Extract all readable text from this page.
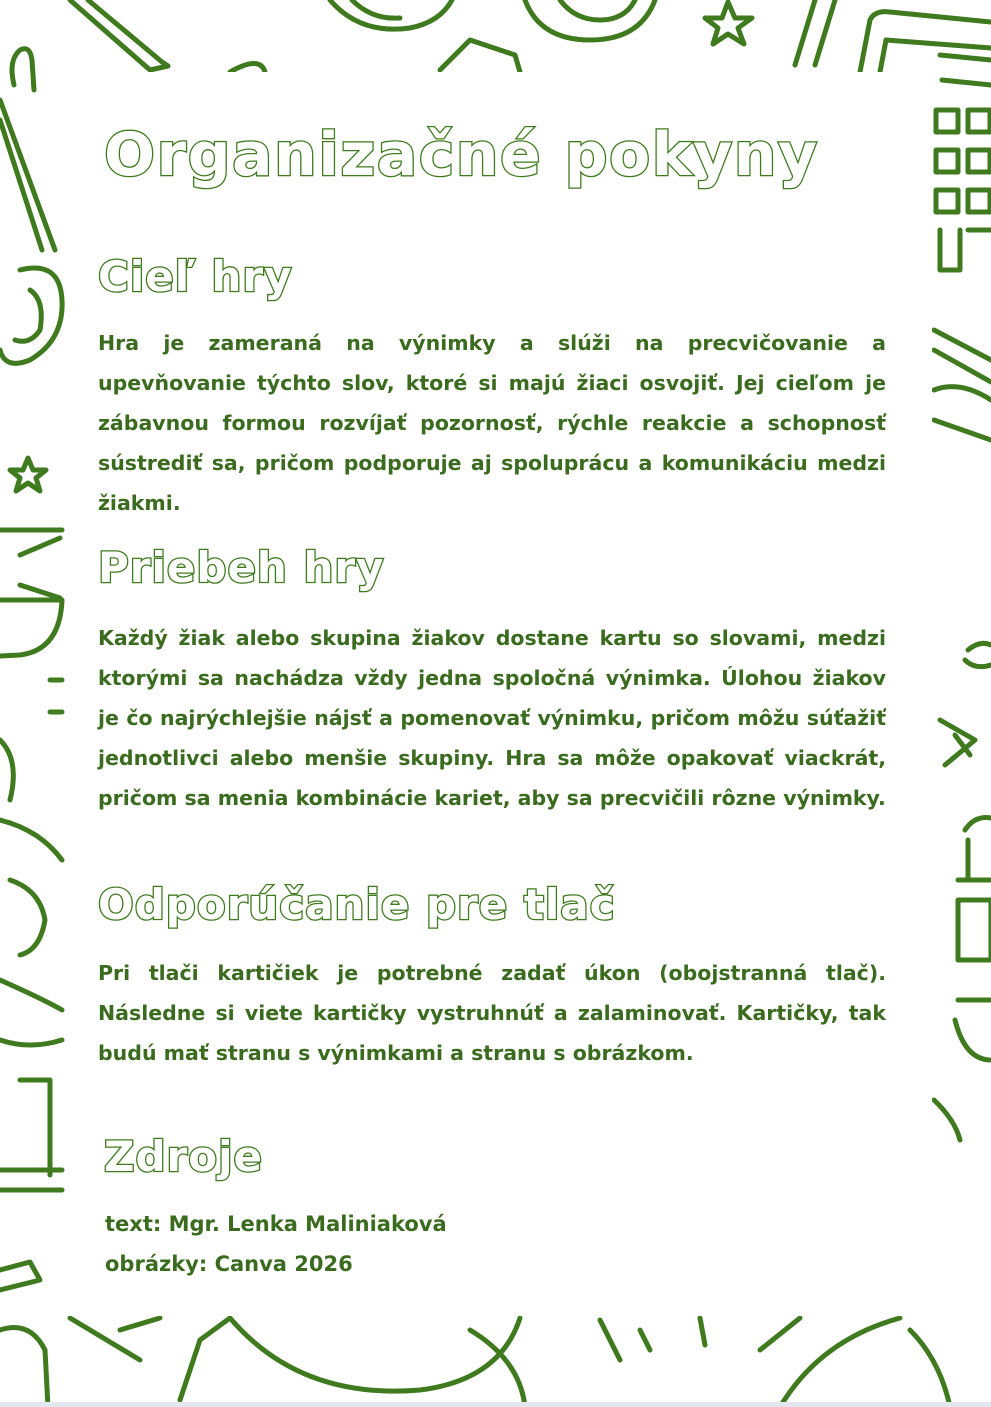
Organizačné pokyny
Cieľ hry

Hra je zameraná na výnimky a slúži na precvičovanie a upevňovanie týchto slov, ktoré si majú žiaci osvojiť. Jej cieľom je zábavnou formou rozvíjať pozornosť, rýchle reakcie a schopnosť sústrediť sa, pričom podporuje aj spoluprácu a komunikáciu medzi žiakmi.

Priebeh hry

Každý žiak alebo skupina žiakov dostane kartu so slovami, medzi ktorými sa nachádza vždy jedna spoločná výnimka. Úlohou žiakov je čo najrýchlejšie nájsť a pomenovať výnimku, pričom môžu súťažiť jednotlivci alebo menšie skupiny. Hra sa môže opakovať viackrát, pričom sa menia kombinácie kariet, aby sa precvičili rôzne výnimky.

Odporúčanie pre tlač

Pri tlači kartičiek je potrebné zadať úkon (obojstranná tlač). Následne si viete kartičky vystruhnúť a zalaminovať. Kartičky, tak budú mať stranu s výnimkami a stranu s obrázkom.

Zdroje

text: Mgr. Lenka Maliniaková

obrázky: Canva 2026
